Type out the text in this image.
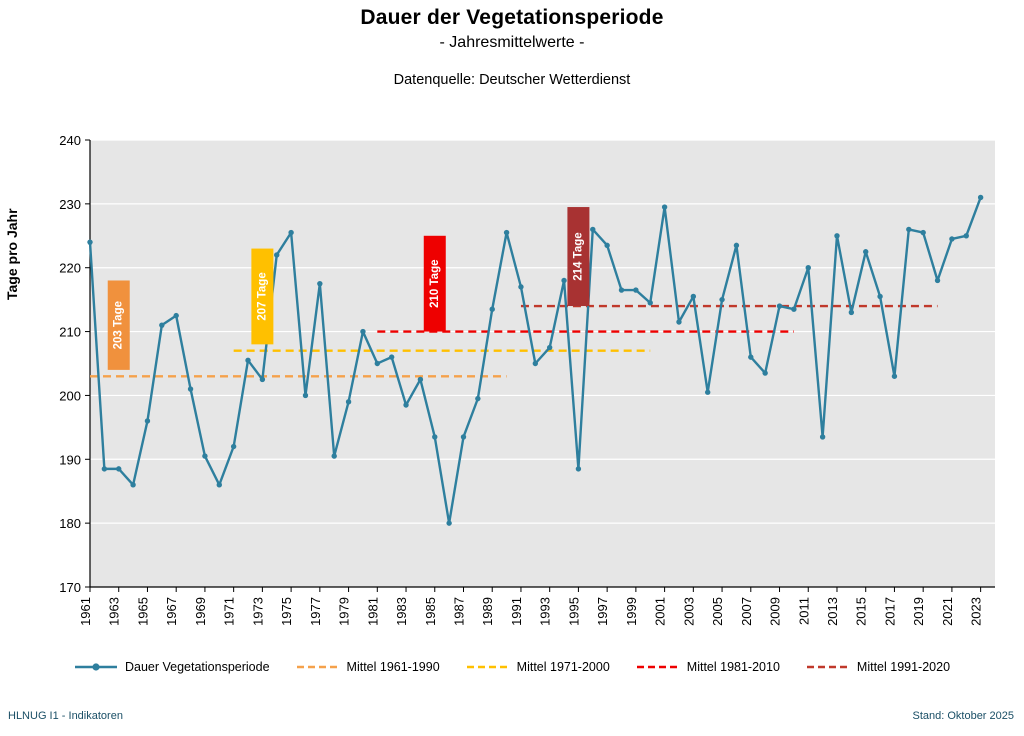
Dauer der Vegetationsperiode
- Jahresmittelwerte -
Datenquelle: Deutscher Wetterdienst
Tage pro Jahr
170
180
190
200
210
220
230
240
1961 1963 1965 1967 1969 1971 1973 1975 1977 1979 1981 1983 1985 1987 1989 1991 1993 1995 1997 1999 2001 2003 2005 2007 2009 2011 2013 2015 2017 2019 2021 2023
203 Tage
207 Tage	210 Tage
214 Tage
Dauer Vegetationsperiode	Mittel 1961-1990	Mittel 1971-2000	Mittel 1981-2010	Mittel 1991-2020
HLNUG I1 - Indikatoren	Stand: Oktober 2025
